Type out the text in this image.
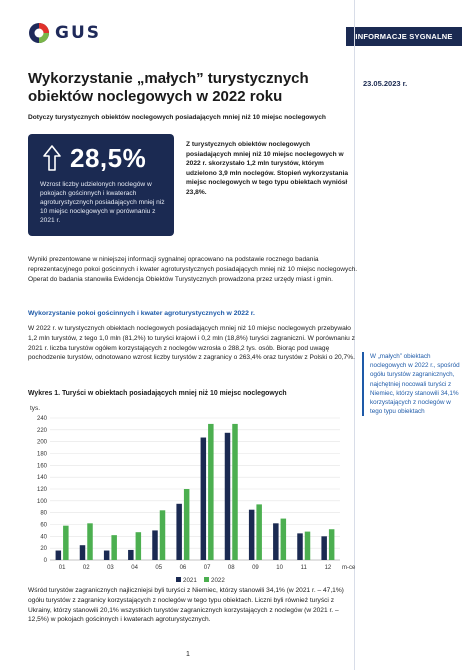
GUS	INFORMACJE SYGNALNE
Wykorzystanie „małych” turystycznych obiektów noclegowych w 2022 roku
23.05.2023 r.
Dotyczy turystycznych obiektów noclegowych posiadających mniej niż 10 miejsc noclegowych
28,5%
Wzrost liczby udzielonych noclegów w pokojach gościnnych i kwaterach agroturystycznych posiadających mniej niż 10 miejsc noclegowych w porównaniu z 2021 r.
Z turystycznych obiektów noclegowych posiadających mniej niż 10 miejsc noclegowych w 2022 r. skorzystało 1,2 mln turystów, którym udzielono 3,9 mln noclegów. Stopień wykorzystania miejsc noclegowych w tego typu obiektach wyniósł 23,8%.

Wyniki prezentowane w niniejszej informacji sygnalnej opracowano na podstawie rocznego badania reprezentacyjnego pokoi gościnnych i kwater agroturystycznych posiadających mniej niż 10 miejsc noclegowych. Operat do badania stanowiła Ewidencja Obiektów Turystycznych prowadzona przez urzędy miast i gmin.

Wykorzystanie pokoi gościnnych i kwater agroturystycznych w 2022 r.

W 2022 r. w turystycznych obiektach noclegowych posiadających mniej niż 10 miejsc noclegowych przebywało 1,2 mln turystów, z tego 1,0 mln (81,2%) to turyści krajowi i 0,2 mln (18,8%) turyści zagraniczni. W porównaniu z 2021 r. liczba turystów ogółem korzystających z noclegów wzrosła o 288,2 tys. osób. Biorąc pod uwagę pochodzenie turystów, odnotowano wzrost liczby turystów z zagranicy o 263,4% oraz turystów z Polski o 20,7%.	W „małych” obiektach noclegowych w 2022 r., spośród ogółu turystów zagranicznych, najchętniej nocowali turyści z Niemiec, którzy stanowili 34,1% korzystających z noclegów w tego typu obiektach
Wykres 1. Turyści w obiektach posiadających mniej niż 10 miejsc noclegowych
tys.
0
20
40
60
80
100
120
140
160
180
200
220
240
01	02	03	04	05	06	07	08	09	10	11	12 m-ce
2021 2022

Wśród turystów zagranicznych najliczniejsi byli turyści z Niemiec, którzy stanowili 34,1% (w 2021 r. – 47,1%) ogółu turystów z zagranicy korzystających z noclegów w tego typu obiektach. Liczni byli również turyści z Ukrainy, którzy stanowili 20,1% wszystkich turystów zagranicznych korzystających z noclegów (w 2021 r. – 12,5%) w pokojach gościnnych i kwaterach agroturystycznych.

1
